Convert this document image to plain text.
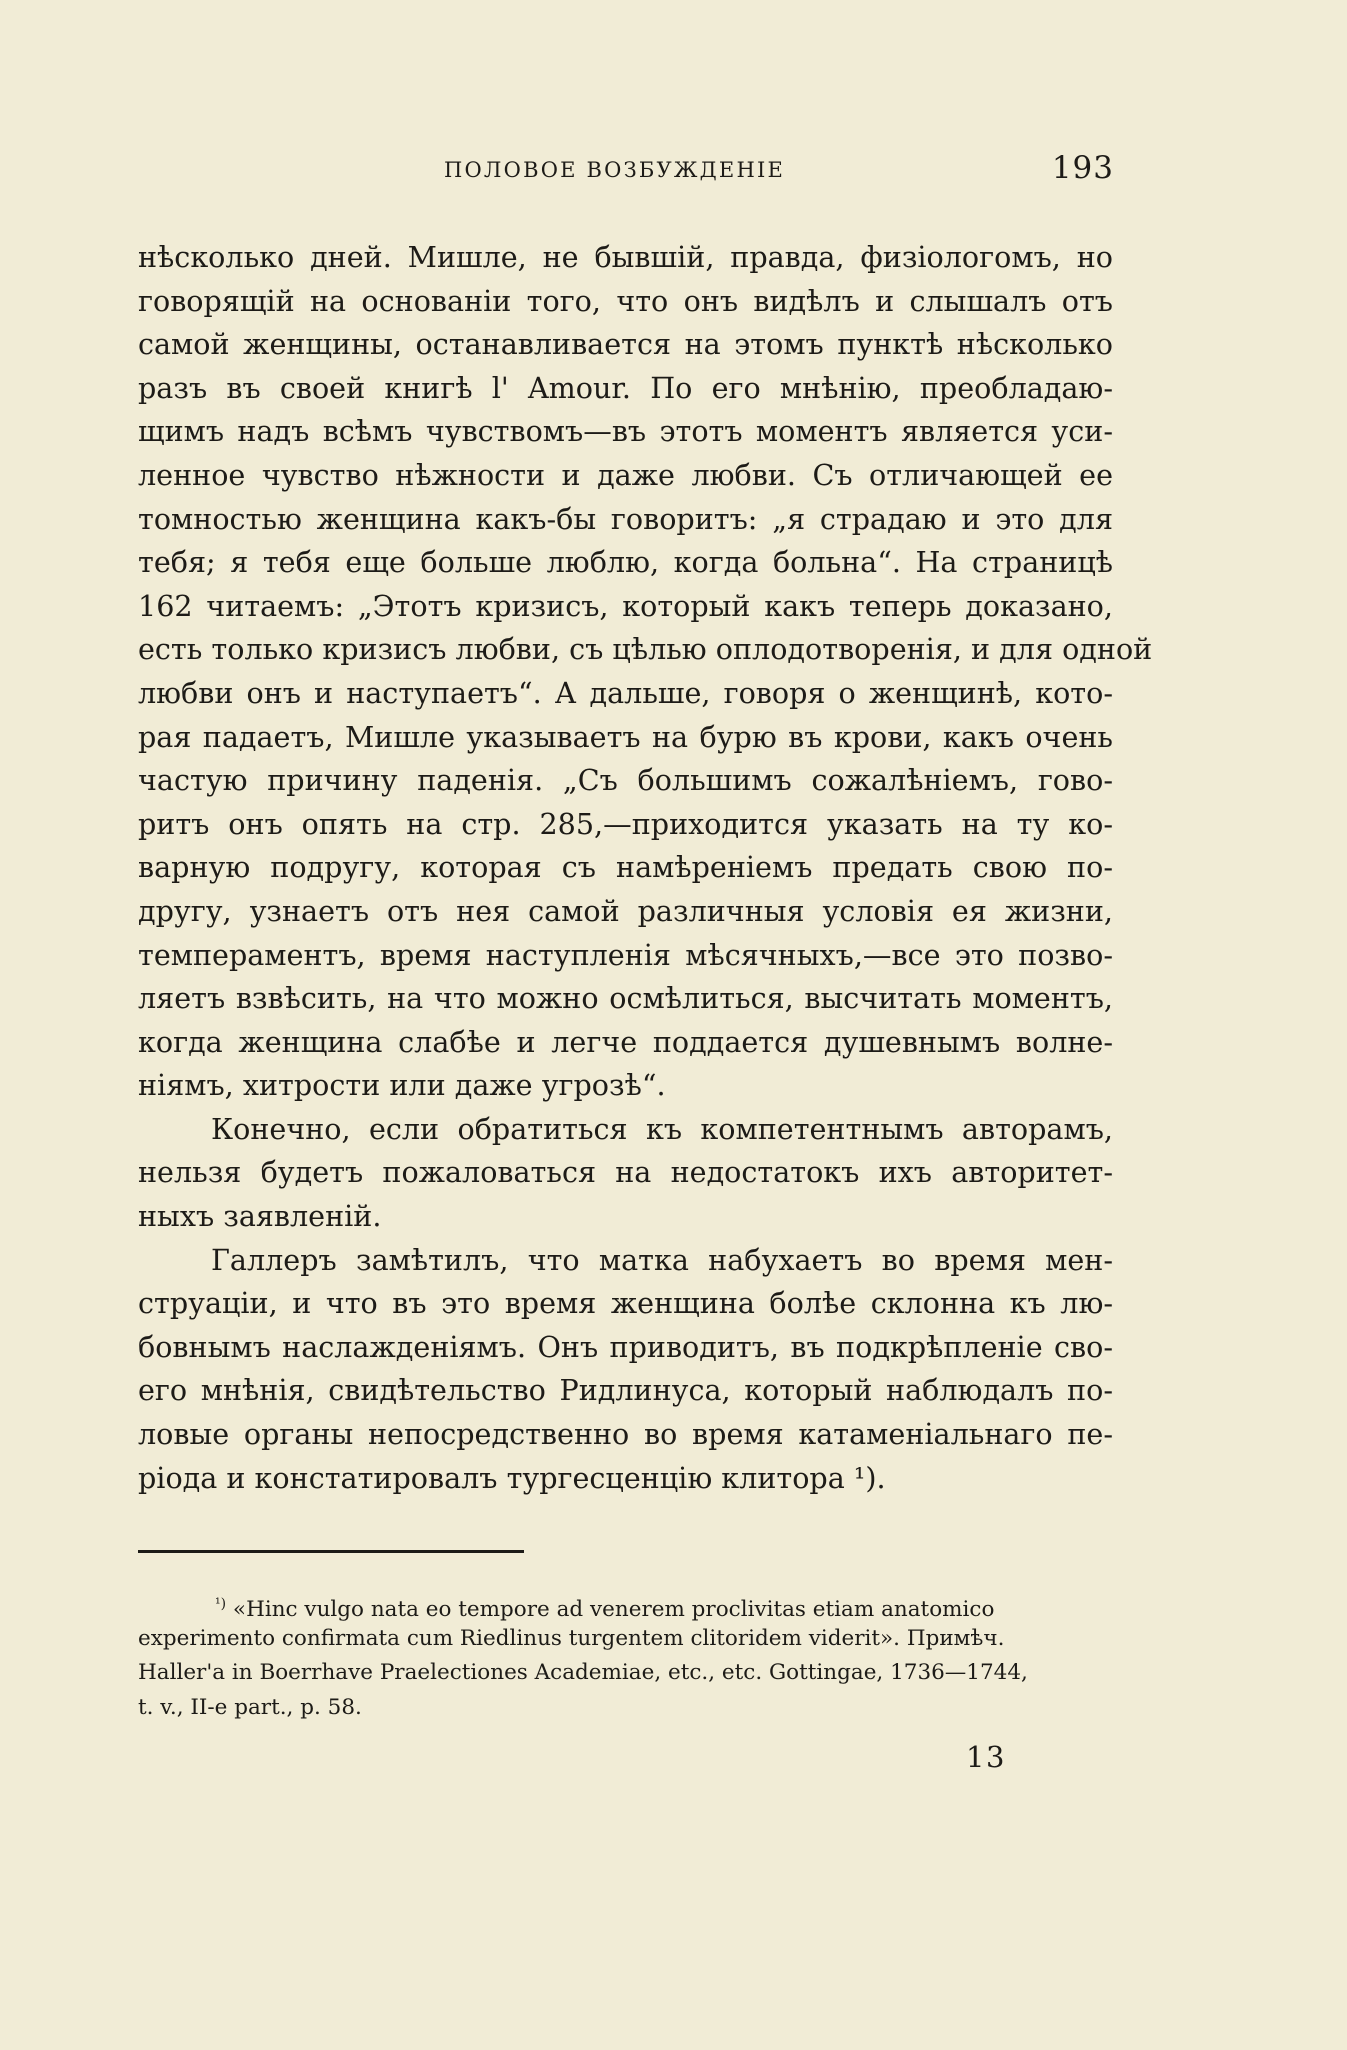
ПОЛОВОЕ ВОЗБУЖДЕНІЕ	193
нѣсколько дней. Мишле, не бывшій, правда, физіологомъ, но
говорящій на основаніи того, что онъ видѣлъ и слышалъ отъ
самой женщины, останавливается на этомъ пунктѣ нѣсколько
разъ въ своей книгѣ l' Amour. По его мнѣнію, преобладаю-
щимъ надъ всѣмъ чувствомъ—въ этотъ моментъ является уси-
ленное чувство нѣжности и даже любви. Съ отличающей ее
томностью женщина какъ-бы говоритъ: „я страдаю и это для
тебя; я тебя еще больше люблю, когда больна“. На страницѣ
162 читаемъ: „Этотъ кризисъ, который какъ теперь доказано,
есть только кризисъ любви, съ цѣлью оплодотворенія, и для одной
любви онъ и наступаетъ“. А дальше, говоря о женщинѣ, кото-
рая падаетъ, Мишле указываетъ на бурю въ крови, какъ очень
частую причину паденія. „Съ большимъ сожалѣніемъ, гово-
ритъ онъ опять на стр. 285,—приходится указать на ту ко-
варную подругу, которая съ намѣреніемъ предать свою по-
другу, узнаетъ отъ нея самой различныя условія ея жизни,
темпераментъ, время наступленія мѣсячныхъ,—все это позво-
ляетъ взвѣсить, на что можно осмѣлиться, высчитать моментъ,
когда женщина слабѣе и легче поддается душевнымъ волне-
ніямъ, хитрости или даже угрозѣ“.
Конечно, если обратиться къ компетентнымъ авторамъ,
нельзя будетъ пожаловаться на недостатокъ ихъ авторитет-
ныхъ заявленій.
Галлеръ замѣтилъ, что матка набухаетъ во время мен-
струаціи, и что въ это время женщина болѣе склонна къ лю-
бовнымъ наслажденіямъ. Онъ приводитъ, въ подкрѣпленіе сво-
его мнѣнія, свидѣтельство Ридлинуса, который наблюдалъ по-
ловые органы непосредственно во время катаменіальнаго пе-
ріода и констатировалъ тургесценцію клитора ¹).
$^{^1)}$ «Hinc vulgo nata eo tempore ad venerem proclivitas etiam anatomico
experimento confirmata cum Riedlinus turgentem clitoridem viderit». Примѣч.
Haller'a in Boerrhave Praelectiones Academiae, etc., etc. Gottingae, 1736—1744,
t. v., II-e part., p. 58.
13
